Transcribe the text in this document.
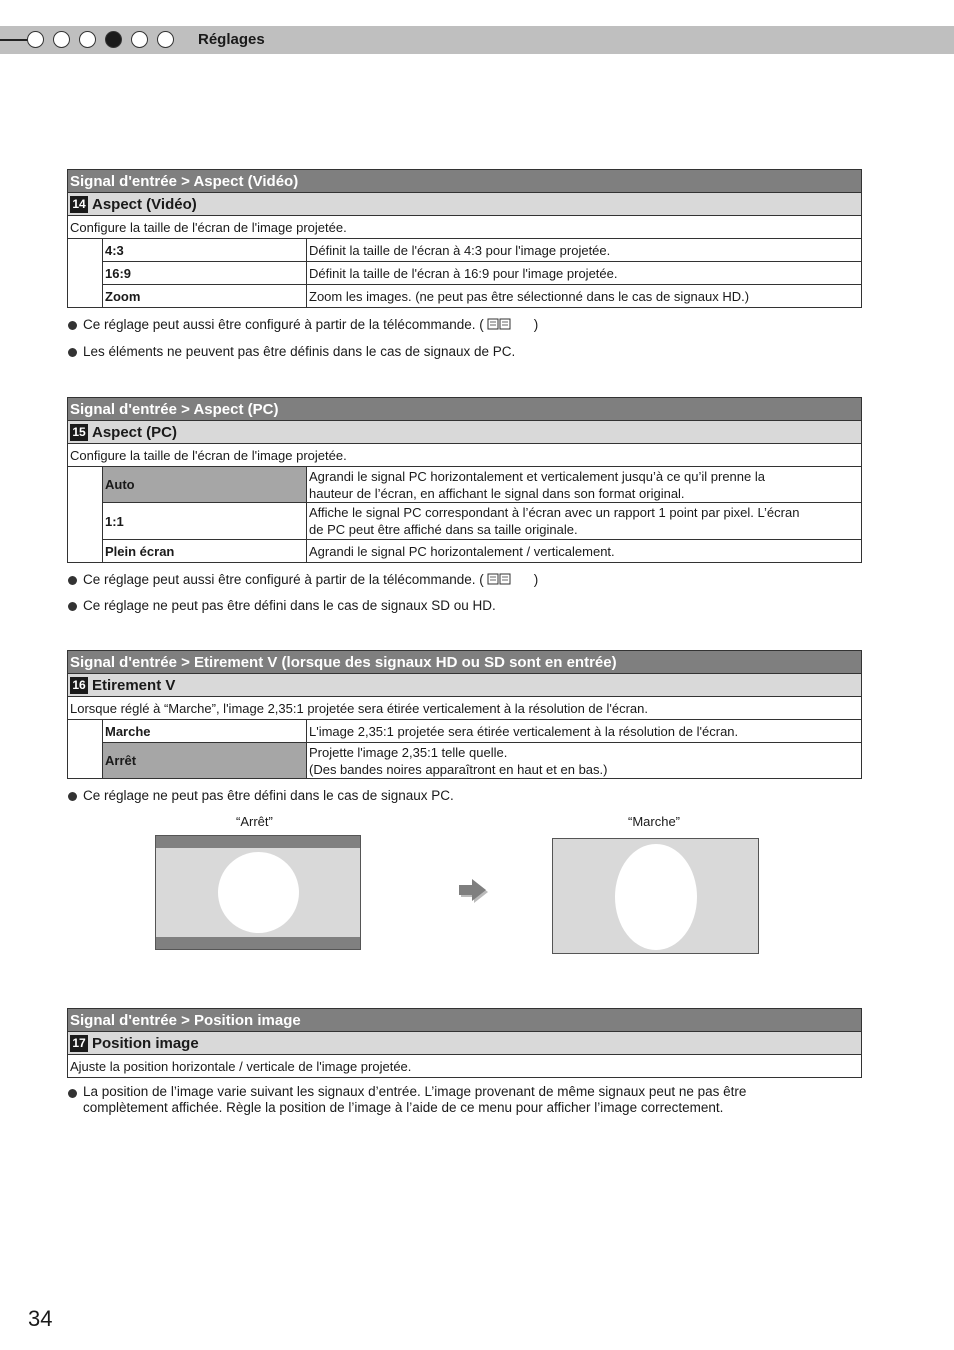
Réglages
Signal d'entrée > Aspect (Vidéo)
14 Aspect (Vidéo)
Configure la taille de l'écran de l'image projetée.
	4:3	Définit la taille de l'écran à 4:3 pour l'image projetée.
	16:9	Définit la taille de l'écran à 16:9 pour l'image projetée.
	Zoom	Zoom les images. (ne peut pas être sélectionné dans le cas de signaux HD.)
Ce réglage peut aussi être configuré à partir de la télécommande. (	)
Les éléments ne peuvent pas être définis dans le cas de signaux de PC.
Signal d'entrée > Aspect (PC)
15 Aspect (PC)
Configure la taille de l'écran de l'image projetée.
	Auto	Agrandi le signal PC horizontalement et verticalement jusqu’à ce qu’il prenne la
hauteur de l’écran, en affichant le signal dans son format original.
	1:1	Affiche le signal PC correspondant à l’écran avec un rapport 1 point par pixel. L’écran
de PC peut être affiché dans sa taille originale.
	Plein écran	Agrandi le signal PC horizontalement / verticalement.
Ce réglage peut aussi être configuré à partir de la télécommande. (	)
Ce réglage ne peut pas être défini dans le cas de signaux SD ou HD.
Signal d'entrée > Etirement V (lorsque des signaux HD ou SD sont en entrée)
16 Etirement V
Lorsque réglé à “Marche”, l'image 2,35:1 projetée sera étirée verticalement à la résolution de l'écran.
	Marche	L'image 2,35:1 projetée sera étirée verticalement à la résolution de l'écran.
	Arrêt	Projette l'image 2,35:1 telle quelle.
(Des bandes noires apparaîtront en haut et en bas.)
Ce réglage ne peut pas être défini dans le cas de signaux PC.
“Arrêt”	“Marche”
Signal d'entrée > Position image
17 Position image
Ajuste la position horizontale / verticale de l'image projetée.
La position de l’image varie suivant les signaux d’entrée. L’image provenant de même signaux peut ne pas être
complètement affichée. Règle la position de l’image à l’aide de ce menu pour afficher l’image correctement.
34
